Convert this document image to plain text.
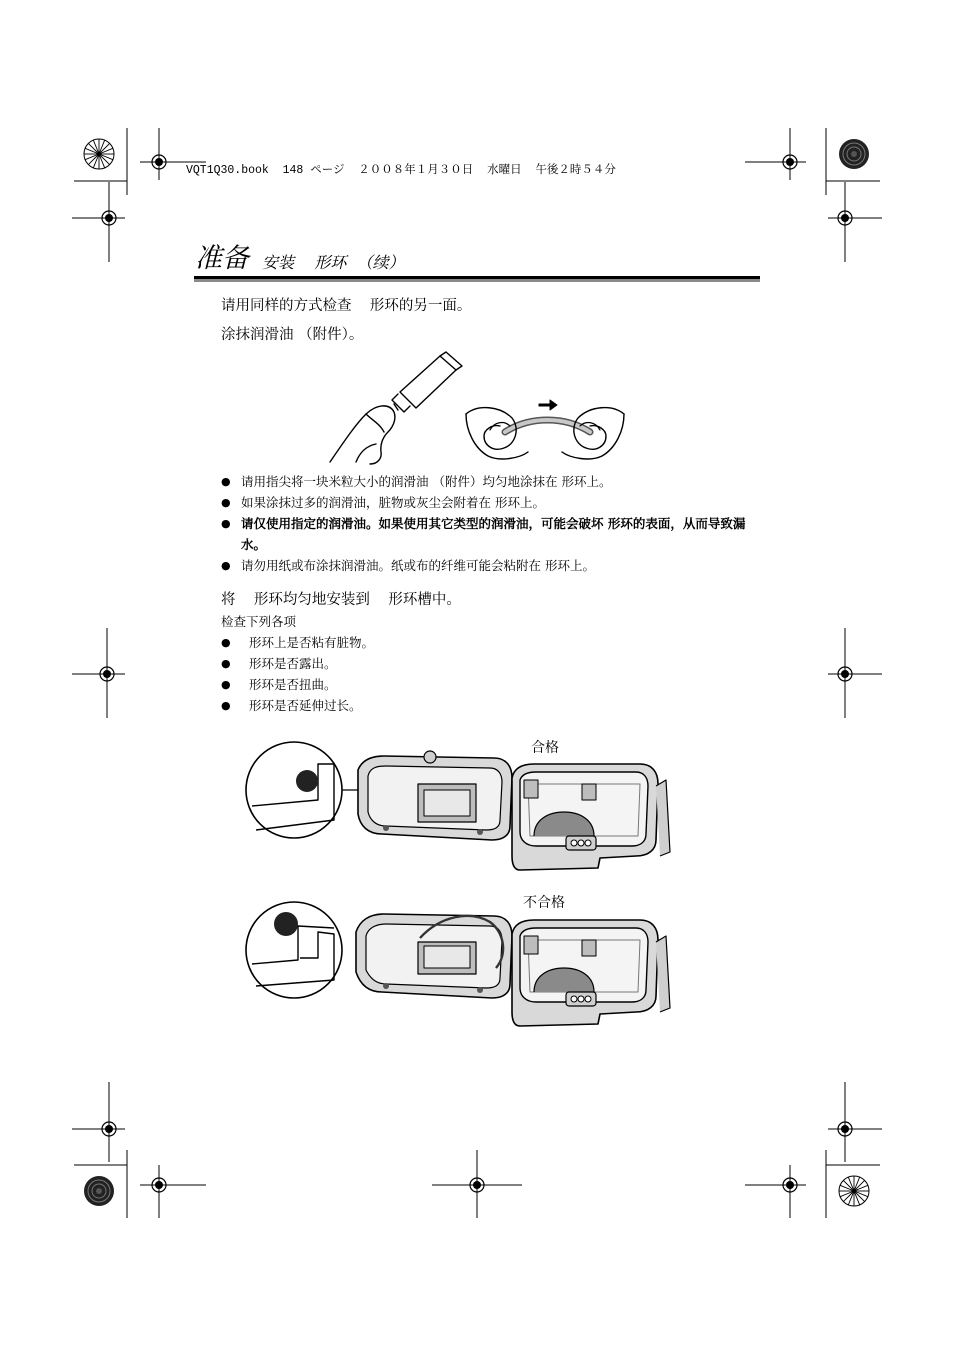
VQT1Q30.book  148 ページ  ２００８年１月３０日  水曜日  午後２時５４分
准备 安装    形环  （续）
请用同样的方式检查    形环的另一面。
涂抹润滑油 （附件）。
● 请用指尖将一块米粒大小的润滑油 （附件）均匀地涂抹在 形环上。
● 如果涂抹过多的润滑油，脏物或灰尘会附着在 形环上。
● 请仅使用指定的润滑油。如果使用其它类型的润滑油，可能会破坏 形环的表面，从而导致漏水。
● 请勿用纸或布涂抹润滑油。纸或布的纤维可能会粘附在 形环上。
将    形环均匀地安装到    形环槽中。
检查下列各项
● 形环上是否粘有脏物。
● 形环是否露出。
● 形环是否扭曲。
● 形环是否延伸过长。
合格
不合格
